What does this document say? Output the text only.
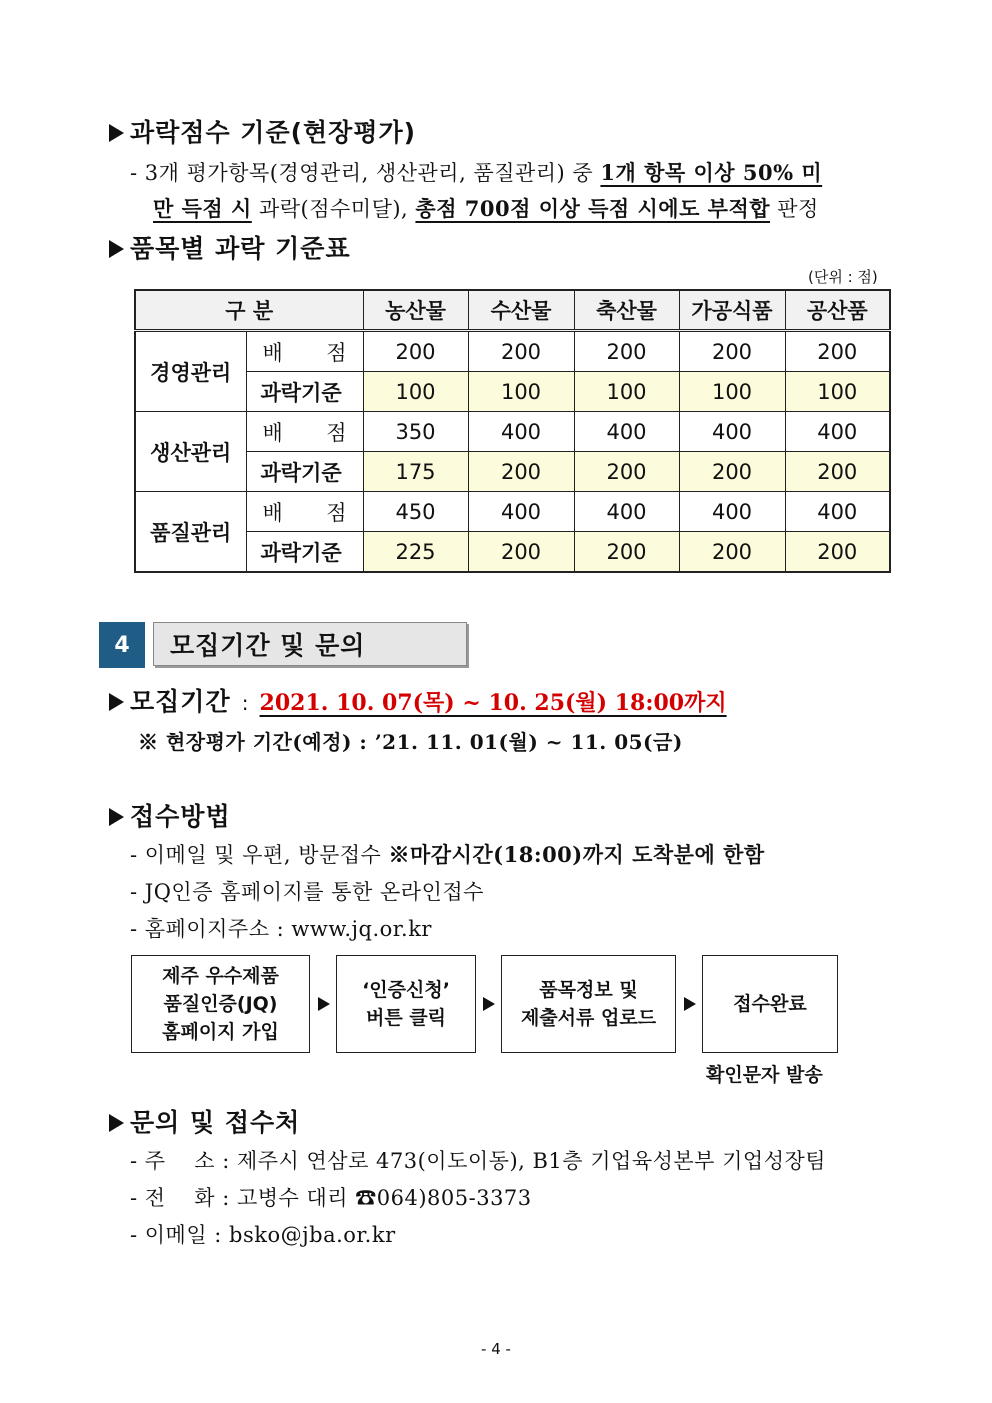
과락점수 기준(현장평가)
- 3개 평가항목(경영관리, 생산관리, 품질관리) 중 1개 항목 이상 50% 미
만 득점 시 과락(점수미달), 총점 700점 이상 득점 시에도 부적합 판정
품목별 과락 기준표
(단위 : 점)
구 분		농산물	수산물	축산물	가공식품	공산품
경영관리	배 점	200	200	200	200	200
	과락기준	100	100	100	100	100
생산관리	배 점	350	400	400	400	400
	과락기준	175	200	200	200	200
품질관리	배 점	450	400	400	400	400
	과락기준	225	200	200	200	200
4	모집기간 및 문의
모집기간 : 2021. 10. 07(목) ~ 10. 25(월) 18:00까지
※ 현장평가 기간(예정) : ’21. 11. 01(월) ~ 11. 05(금)
접수방법
- 이메일 및 우편, 방문접수 ※마감시간(18:00)까지 도착분에 한함
- JQ인증 홈페이지를 통한 온라인접수
- 홈페이지주소 : www.jq.or.kr
제주 우수제품
품질인증(JQ)
홈페이지 가입
‘인증신청’
버튼 클릭
품목정보 및
제출서류 업로드
접수완료
확인문자 발송
문의 및 접수처
- 주    소 : 제주시 연삼로 473(이도이동), B1층 기업육성본부 기업성장팀
- 전    화 : 고병수 대리 ☎064)805-3373
- 이메일 : bsko@jba.or.kr
- 4 -
